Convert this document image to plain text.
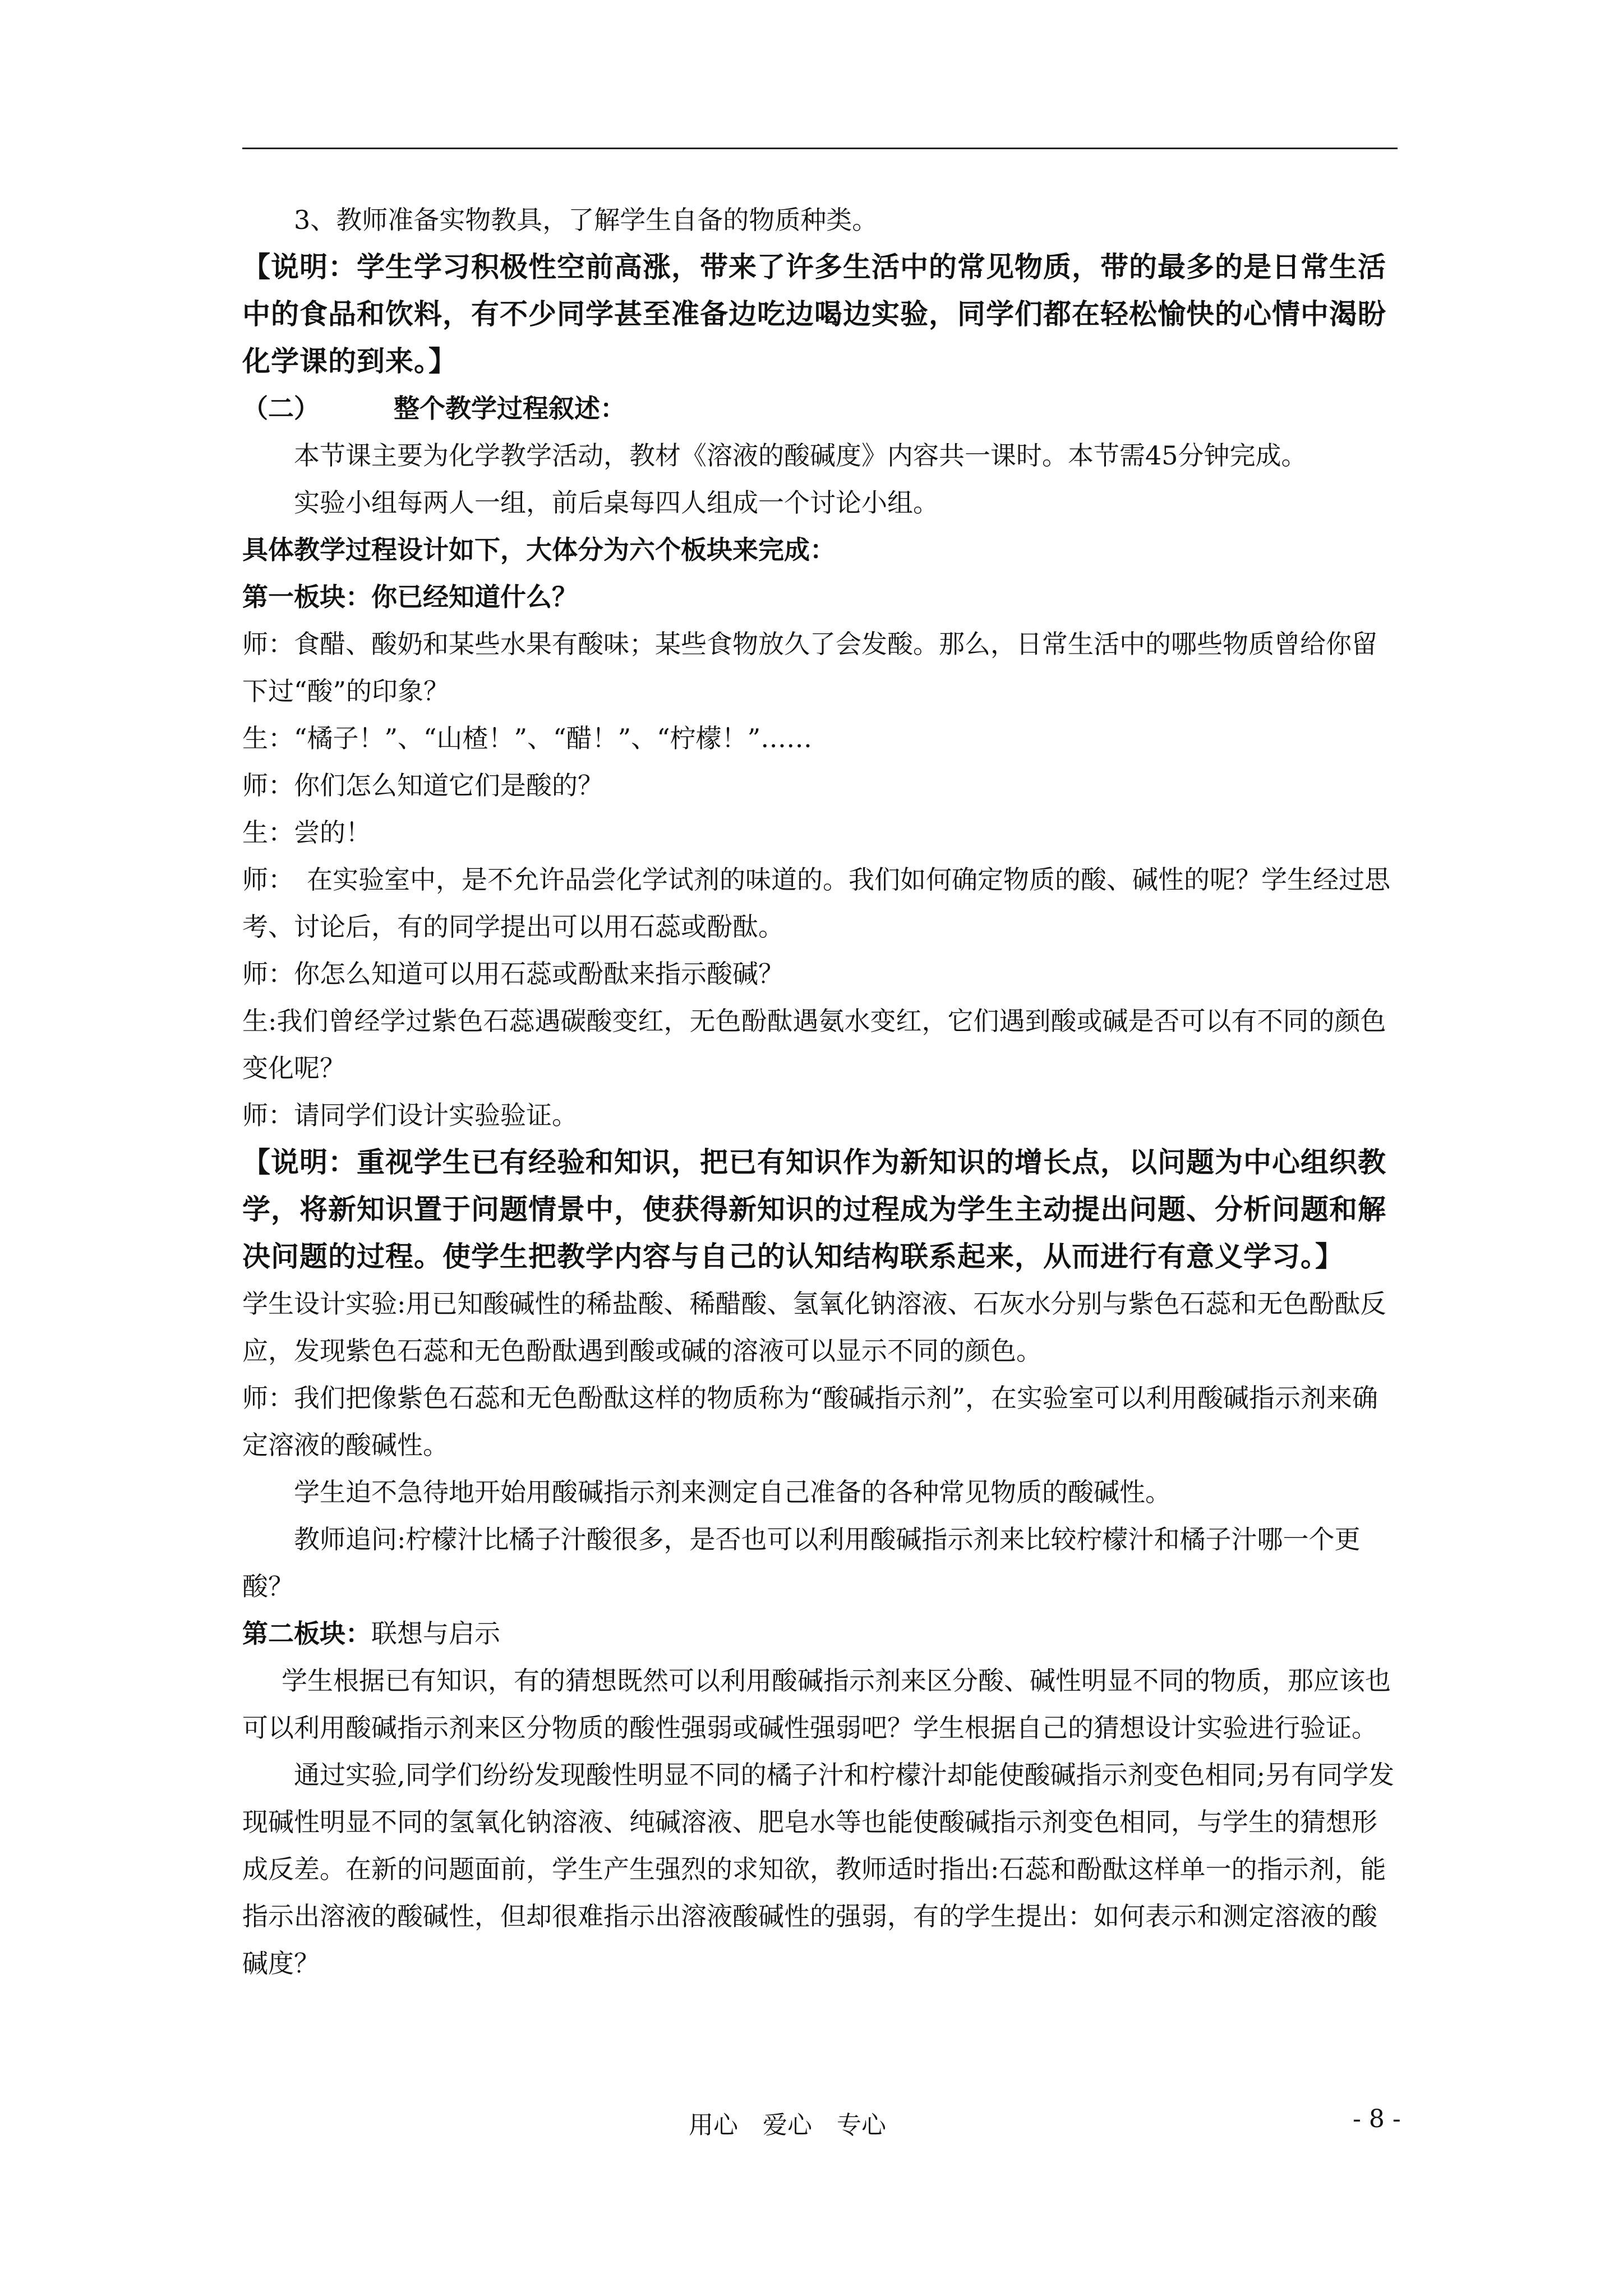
3、教师准备实物教具，了解学生自备的物质种类。

【说明：学生学习积极性空前高涨，带来了许多生活中的常见物质，带的最多的是日常生活中的食品和饮料，有不少同学甚至准备边吃边喝边实验，同学们都在轻松愉快的心情中渴盼化学课的到来。】

（二）	整个教学过程叙述：

本节课主要为化学教学活动，教材《溶液的酸碱度》内容共一课时。本节需45分钟完成。

实验小组每两人一组，前后桌每四人组成一个讨论小组。

具体教学过程设计如下，大体分为六个板块来完成：

第一板块：你已经知道什么？

师：食醋、酸奶和某些水果有酸味；某些食物放久了会发酸。那么，日常生活中的哪些物质曾给你留下过“酸”的印象？

生：“橘子！”、“山楂！”、“醋！”、“柠檬！”……

师：你们怎么知道它们是酸的？

生：尝的！

师：　在实验室中，是不允许品尝化学试剂的味道的。我们如何确定物质的酸、碱性的呢？学生经过思考、讨论后，有的同学提出可以用石蕊或酚酞。

师：你怎么知道可以用石蕊或酚酞来指示酸碱？

生:我们曾经学过紫色石蕊遇碳酸变红，无色酚酞遇氨水变红，它们遇到酸或碱是否可以有不同的颜色变化呢？

师：请同学们设计实验验证。

【说明：重视学生已有经验和知识，把已有知识作为新知识的增长点，以问题为中心组织教学，将新知识置于问题情景中，使获得新知识的过程成为学生主动提出问题、分析问题和解决问题的过程。使学生把教学内容与自己的认知结构联系起来，从而进行有意义学习。】

学生设计实验:用已知酸碱性的稀盐酸、稀醋酸、氢氧化钠溶液、石灰水分别与紫色石蕊和无色酚酞反应，发现紫色石蕊和无色酚酞遇到酸或碱的溶液可以显示不同的颜色。

师：我们把像紫色石蕊和无色酚酞这样的物质称为“酸碱指示剂”，在实验室可以利用酸碱指示剂来确定溶液的酸碱性。

学生迫不急待地开始用酸碱指示剂来测定自己准备的各种常见物质的酸碱性。

教师追问:柠檬汁比橘子汁酸很多，是否也可以利用酸碱指示剂来比较柠檬汁和橘子汁哪一个更酸？

第二板块：联想与启示

学生根据已有知识，有的猜想既然可以利用酸碱指示剂来区分酸、碱性明显不同的物质，那应该也可以利用酸碱指示剂来区分物质的酸性强弱或碱性强弱吧？学生根据自己的猜想设计实验进行验证。

通过实验,同学们纷纷发现酸性明显不同的橘子汁和柠檬汁却能使酸碱指示剂变色相同;另有同学发现碱性明显不同的氢氧化钠溶液、纯碱溶液、肥皂水等也能使酸碱指示剂变色相同，与学生的猜想形成反差。在新的问题面前，学生产生强烈的求知欲，教师适时指出:石蕊和酚酞这样单一的指示剂，能指示出溶液的酸碱性，但却很难指示出溶液酸碱性的强弱，有的学生提出：如何表示和测定溶液的酸碱度？

用心　爱心　专心	- 8 -
